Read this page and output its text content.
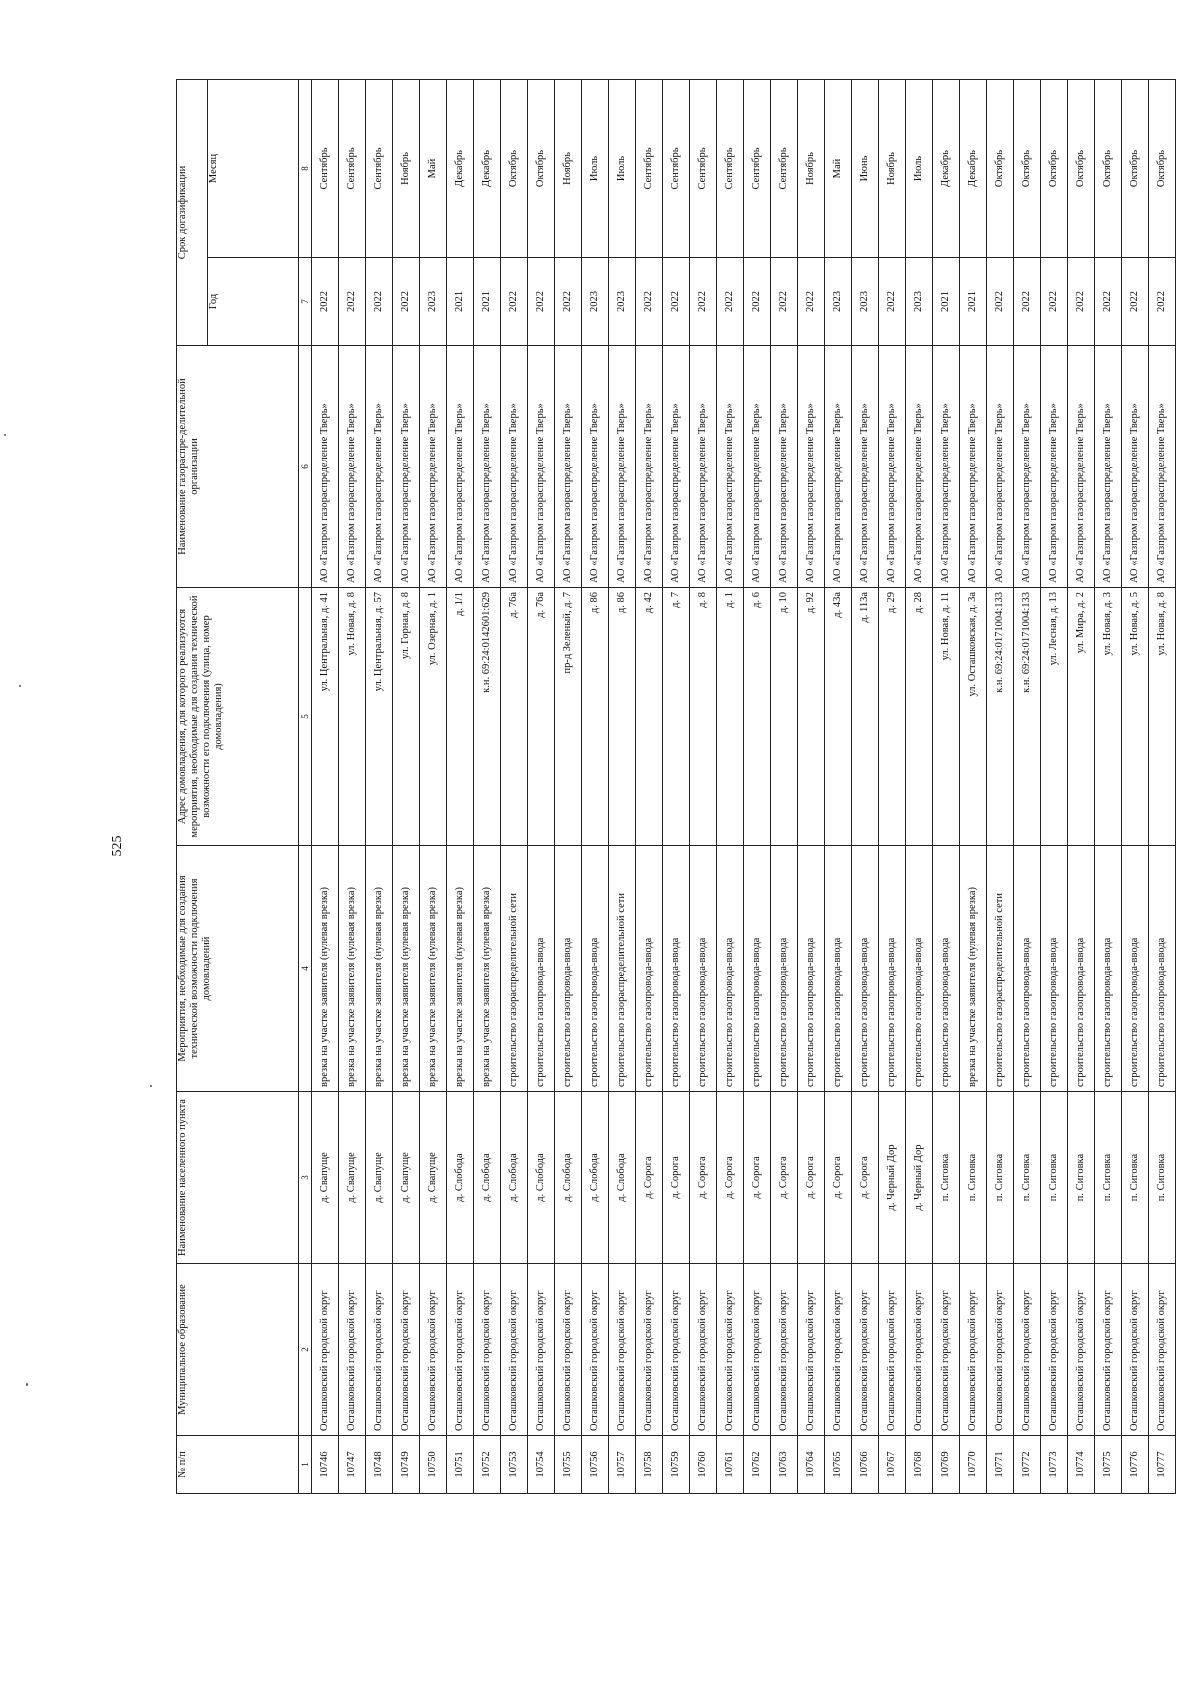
525
№ п/п	Муниципальное образование	Наименование населенного пункта	Мероприятия, необходимые для создания технической возможности подключения домовладений	Адрес домовладения, для которого реализуются мероприятия, необходимые для создания технической возможности его подключения (улица, номер домовладения)	Наименование газораспре-делительной организации	Срок догазификации	
						Год	Месяц
1	2	3	4	5	6	7	8
10746	Осташковский городской округ	д. Свапуще	врезка на участке заявителя (нулевая врезка)	ул. Центральная, д. 41	АО «Газпром газораспределение Тверь»	2022	Сентябрь
10747	Осташковский городской округ	д. Свапуще	врезка на участке заявителя (нулевая врезка)	ул. Новая, д. 8	АО «Газпром газораспределение Тверь»	2022	Сентябрь
10748	Осташковский городской округ	д. Свапуще	врезка на участке заявителя (нулевая врезка)	ул. Центральная, д. 57	АО «Газпром газораспределение Тверь»	2022	Сентябрь
10749	Осташковский городской округ	д. Свапуще	врезка на участке заявителя (нулевая врезка)	ул. Горная, д. 8	АО «Газпром газораспределение Тверь»	2022	Ноябрь
10750	Осташковский городской округ	д. Свапуще	врезка на участке заявителя (нулевая врезка)	ул. Озерная, д. 1	АО «Газпром газораспределение Тверь»	2023	Май
10751	Осташковский городской округ	д. Слобода	врезка на участке заявителя (нулевая врезка)	д. 1/1	АО «Газпром газораспределение Тверь»	2021	Декабрь
10752	Осташковский городской округ	д. Слобода	врезка на участке заявителя (нулевая врезка)	к.н. 69:24:0142601:629	АО «Газпром газораспределение Тверь»	2021	Декабрь
10753	Осташковский городской округ	д. Слобода	строительство газораспределительной сети	д. 76а	АО «Газпром газораспределение Тверь»	2022	Октябрь
10754	Осташковский городской округ	д. Слобода	строительство газопровода-ввода	д. 76а	АО «Газпром газораспределение Тверь»	2022	Октябрь
10755	Осташковский городской округ	д. Слобода	строительство газопровода-ввода	пр-д Зеленый, д. 7	АО «Газпром газораспределение Тверь»	2022	Ноябрь
10756	Осташковский городской округ	д. Слобода	строительство газопровода-ввода	д. 86	АО «Газпром газораспределение Тверь»	2023	Июль
10757	Осташковский городской округ	д. Слобода	строительство газораспределительной сети	д. 86	АО «Газпром газораспределение Тверь»	2023	Июль
10758	Осташковский городской округ	д. Сорога	строительство газопровода-ввода	д. 42	АО «Газпром газораспределение Тверь»	2022	Сентябрь
10759	Осташковский городской округ	д. Сорога	строительство газопровода-ввода	д. 7	АО «Газпром газораспределение Тверь»	2022	Сентябрь
10760	Осташковский городской округ	д. Сорога	строительство газопровода-ввода	д. 8	АО «Газпром газораспределение Тверь»	2022	Сентябрь
10761	Осташковский городской округ	д. Сорога	строительство газопровода-ввода	д. 1	АО «Газпром газораспределение Тверь»	2022	Сентябрь
10762	Осташковский городской округ	д. Сорога	строительство газопровода-ввода	д. 6	АО «Газпром газораспределение Тверь»	2022	Сентябрь
10763	Осташковский городской округ	д. Сорога	строительство газопровода-ввода	д. 10	АО «Газпром газораспределение Тверь»	2022	Сентябрь
10764	Осташковский городской округ	д. Сорога	строительство газопровода-ввода	д. 92	АО «Газпром газораспределение Тверь»	2022	Ноябрь
10765	Осташковский городской округ	д. Сорога	строительство газопровода-ввода	д. 43а	АО «Газпром газораспределение Тверь»	2023	Май
10766	Осташковский городской округ	д. Сорога	строительство газопровода-ввода	д. 113а	АО «Газпром газораспределение Тверь»	2023	Июнь
10767	Осташковский городской округ	д. Черный Дор	строительство газопровода-ввода	д. 29	АО «Газпром газораспределение Тверь»	2022	Ноябрь
10768	Осташковский городской округ	д. Черный Дор	строительство газопровода-ввода	д. 28	АО «Газпром газораспределение Тверь»	2023	Июль
10769	Осташковский городской округ	п. Сиговка	строительство газопровода-ввода	ул. Новая, д. 11	АО «Газпром газораспределение Тверь»	2021	Декабрь
10770	Осташковский городской округ	п. Сиговка	врезка на участке заявителя (нулевая врезка)	ул. Осташковская, д. 3а	АО «Газпром газораспределение Тверь»	2021	Декабрь
10771	Осташковский городской округ	п. Сиговка	строительство газораспределительной сети	к.н. 69:24:0171004:133	АО «Газпром газораспределение Тверь»	2022	Октябрь
10772	Осташковский городской округ	п. Сиговка	строительство газопровода-ввода	к.н. 69:24:0171004:133	АО «Газпром газораспределение Тверь»	2022	Октябрь
10773	Осташковский городской округ	п. Сиговка	строительство газопровода-ввода	ул. Лесная, д. 13	АО «Газпром газораспределение Тверь»	2022	Октябрь
10774	Осташковский городской округ	п. Сиговка	строительство газопровода-ввода	ул. Мира, д. 2	АО «Газпром газораспределение Тверь»	2022	Октябрь
10775	Осташковский городской округ	п. Сиговка	строительство газопровода-ввода	ул. Новая, д. 3	АО «Газпром газораспределение Тверь»	2022	Октябрь
10776	Осташковский городской округ	п. Сиговка	строительство газопровода-ввода	ул. Новая, д. 5	АО «Газпром газораспределение Тверь»	2022	Октябрь
10777	Осташковский городской округ	п. Сиговка	строительство газопровода-ввода	ул. Новая, д. 8	АО «Газпром газораспределение Тверь»	2022	Октябрь
